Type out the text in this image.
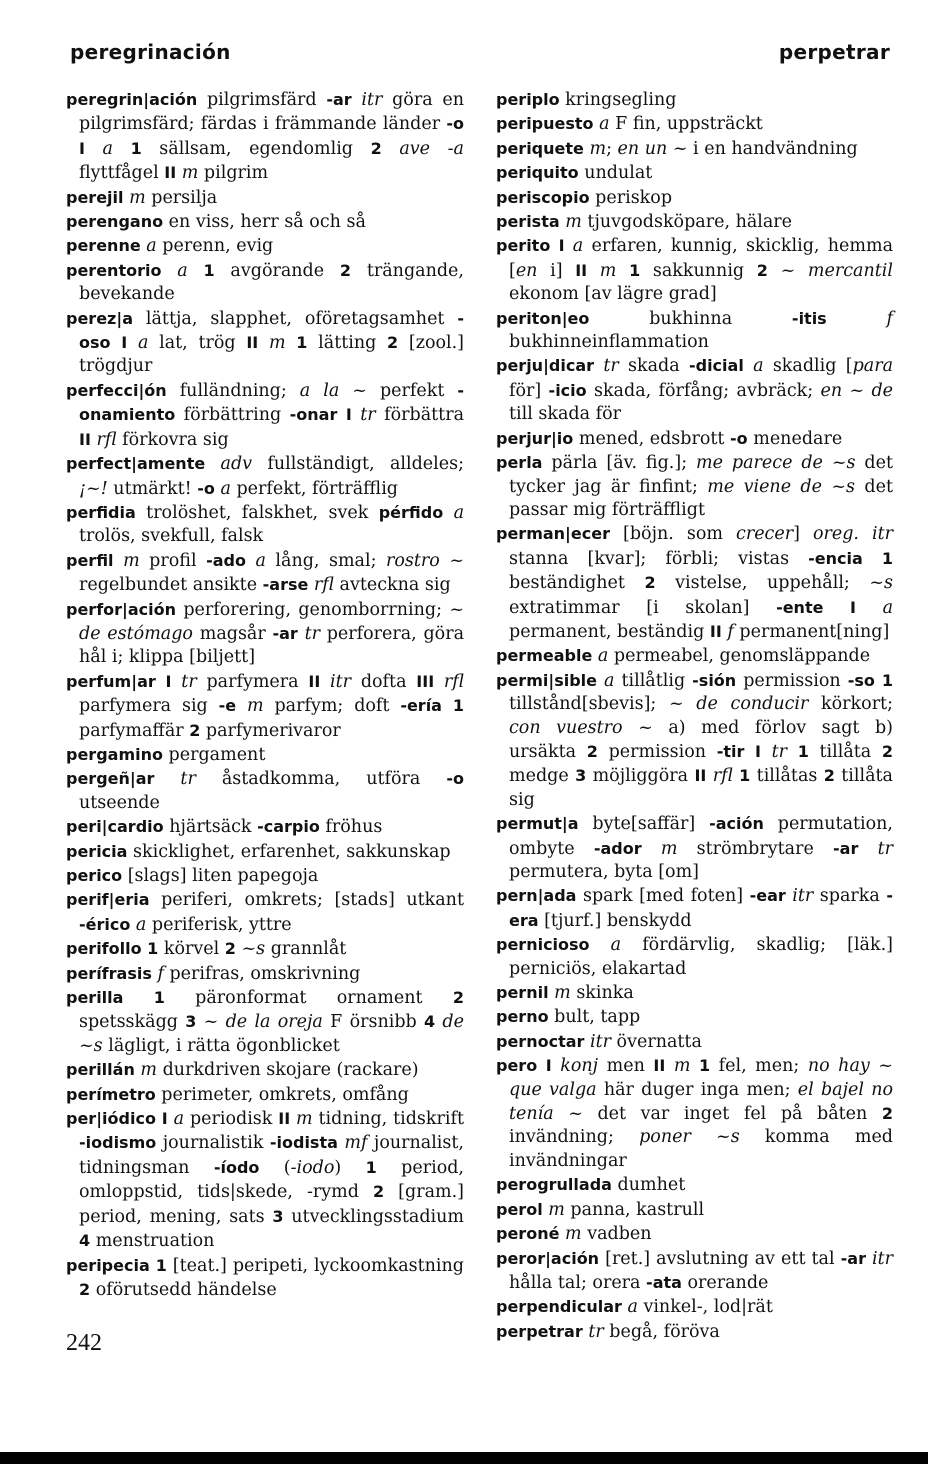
peregrinación	perpetrar

peregrin|ación pilgrimsfärd -ar itr göra en pilgrimsfärd; färdas i främmande länder -o I a 1 sällsam, egendomlig 2 ave -a flyttfågel II m pilgrim

perejil m persilja

perengano en viss, herr så och så

perenne a perenn, evig

perentorio a 1 avgörande 2 trängande, bevekande

perez|a lättja, slapphet, oföretagsamhet -oso I a lat, trög II m 1 lätting 2 [zool.] trögdjur

perfecci|ón fulländning; a la ~ perfekt -onamiento förbättring -onar I tr förbättra II rfl förkovra sig

perfect|amente adv fullständigt, alldeles; ¡~! utmärkt! -o a perfekt, förträfflig

perfidia trolöshet, falskhet, svek pérfido a trolös, svekfull, falsk

perfil m profil -ado a lång, smal; rostro ~ regelbundet ansikte -arse rfl avteckna sig

perfor|ación perforering, genomborrning; ~ de estómago magsår -ar tr perforera, göra hål i; klippa [biljett]

perfum|ar I tr parfymera II itr dofta III rfl parfymera sig -e m parfym; doft -ería 1 parfymaffär 2 parfymerivaror

pergamino pergament

pergeñ|ar tr åstadkomma, utföra -o utseende

peri|cardio hjärtsäck -carpio fröhus

pericia skicklighet, erfarenhet, sakkunskap

perico [slags] liten papegoja

perif|eria periferi, omkrets; [stads] utkant -érico a periferisk, yttre

perifollo 1 körvel 2 ~s grannlåt

perífrasis f perifras, omskrivning

perilla 1 päronformat ornament 2 spetsskägg 3 ~ de la oreja F örsnibb 4 de ~s lägligt, i rätta ögonblicket

perillán m durkdriven skojare (rackare)

perímetro perimeter, omkrets, omfång

per|iódico I a periodisk II m tidning, tidskrift -iodismo journalistik -iodista mf journalist, tidningsman -íodo (-iodo) 1 period, omloppstid, tids|skede, -rymd 2 [gram.] period, mening, sats 3 utvecklingsstadium 4 menstruation

peripecia 1 [teat.] peripeti, lyckoomkastning 2 oförutsedd händelse

periplo kringsegling

peripuesto a F fin, uppsträckt

periquete m; en un ~ i en handvändning

periquito undulat

periscopio periskop

perista m tjuvgodsköpare, hälare

perito I a erfaren, kunnig, skicklig, hemma [en i] II m 1 sakkunnig 2 ~ mercantil ekonom [av lägre grad]

periton|eo bukhinna -itis	f bukhinneinflammation

perju|dicar tr skada -dicial a skadlig [para för] -icio skada, förfång; avbräck; en ~ de till skada för

perjur|io mened, edsbrott -o menedare

perla pärla [äv. fig.]; me parece de ~s det tycker jag är finfint; me viene de ~s det passar mig förträffligt

perman|ecer [böjn. som crecer] oreg. itr stanna [kvar]; förbli; vistas -encia 1 beständighet 2 vistelse, uppehåll; ~s extratimmar [i skolan] -ente I a permanent, beständig II f permanent[ning]

permeable a permeabel, genomsläppande

permi|sible a tillåtlig -sión permission -so 1 tillstånd[sbevis]; ~ de conducir körkort; con vuestro ~ a) med förlov sagt b) ursäkta 2 permission -tir I tr 1 tillåta 2 medge 3 möjliggöra II rfl 1 tillåtas 2 tillåta sig

permut|a byte[saffär] -ación permutation, ombyte -ador m strömbrytare -ar tr permutera, byta [om]

pern|ada spark [med foten] -ear itr sparka -era [tjurf.] benskydd

pernicioso a fördärvlig, skadlig; [läk.] perniciös, elakartad

pernil m skinka

perno bult, tapp

pernoctar itr övernatta

pero I konj men II m 1 fel, men; no hay ~ que valga här duger inga men; el bajel no tenía ~ det var inget fel på båten 2 invändning; poner ~s komma med invändningar

perogrullada dumhet

perol m panna, kastrull

peroné m vadben

peror|ación [ret.] avslutning av ett tal -ar itr hålla tal; orera -ata orerande

perpendicular a vinkel-, lod|rät

perpetrar tr begå, föröva

242
